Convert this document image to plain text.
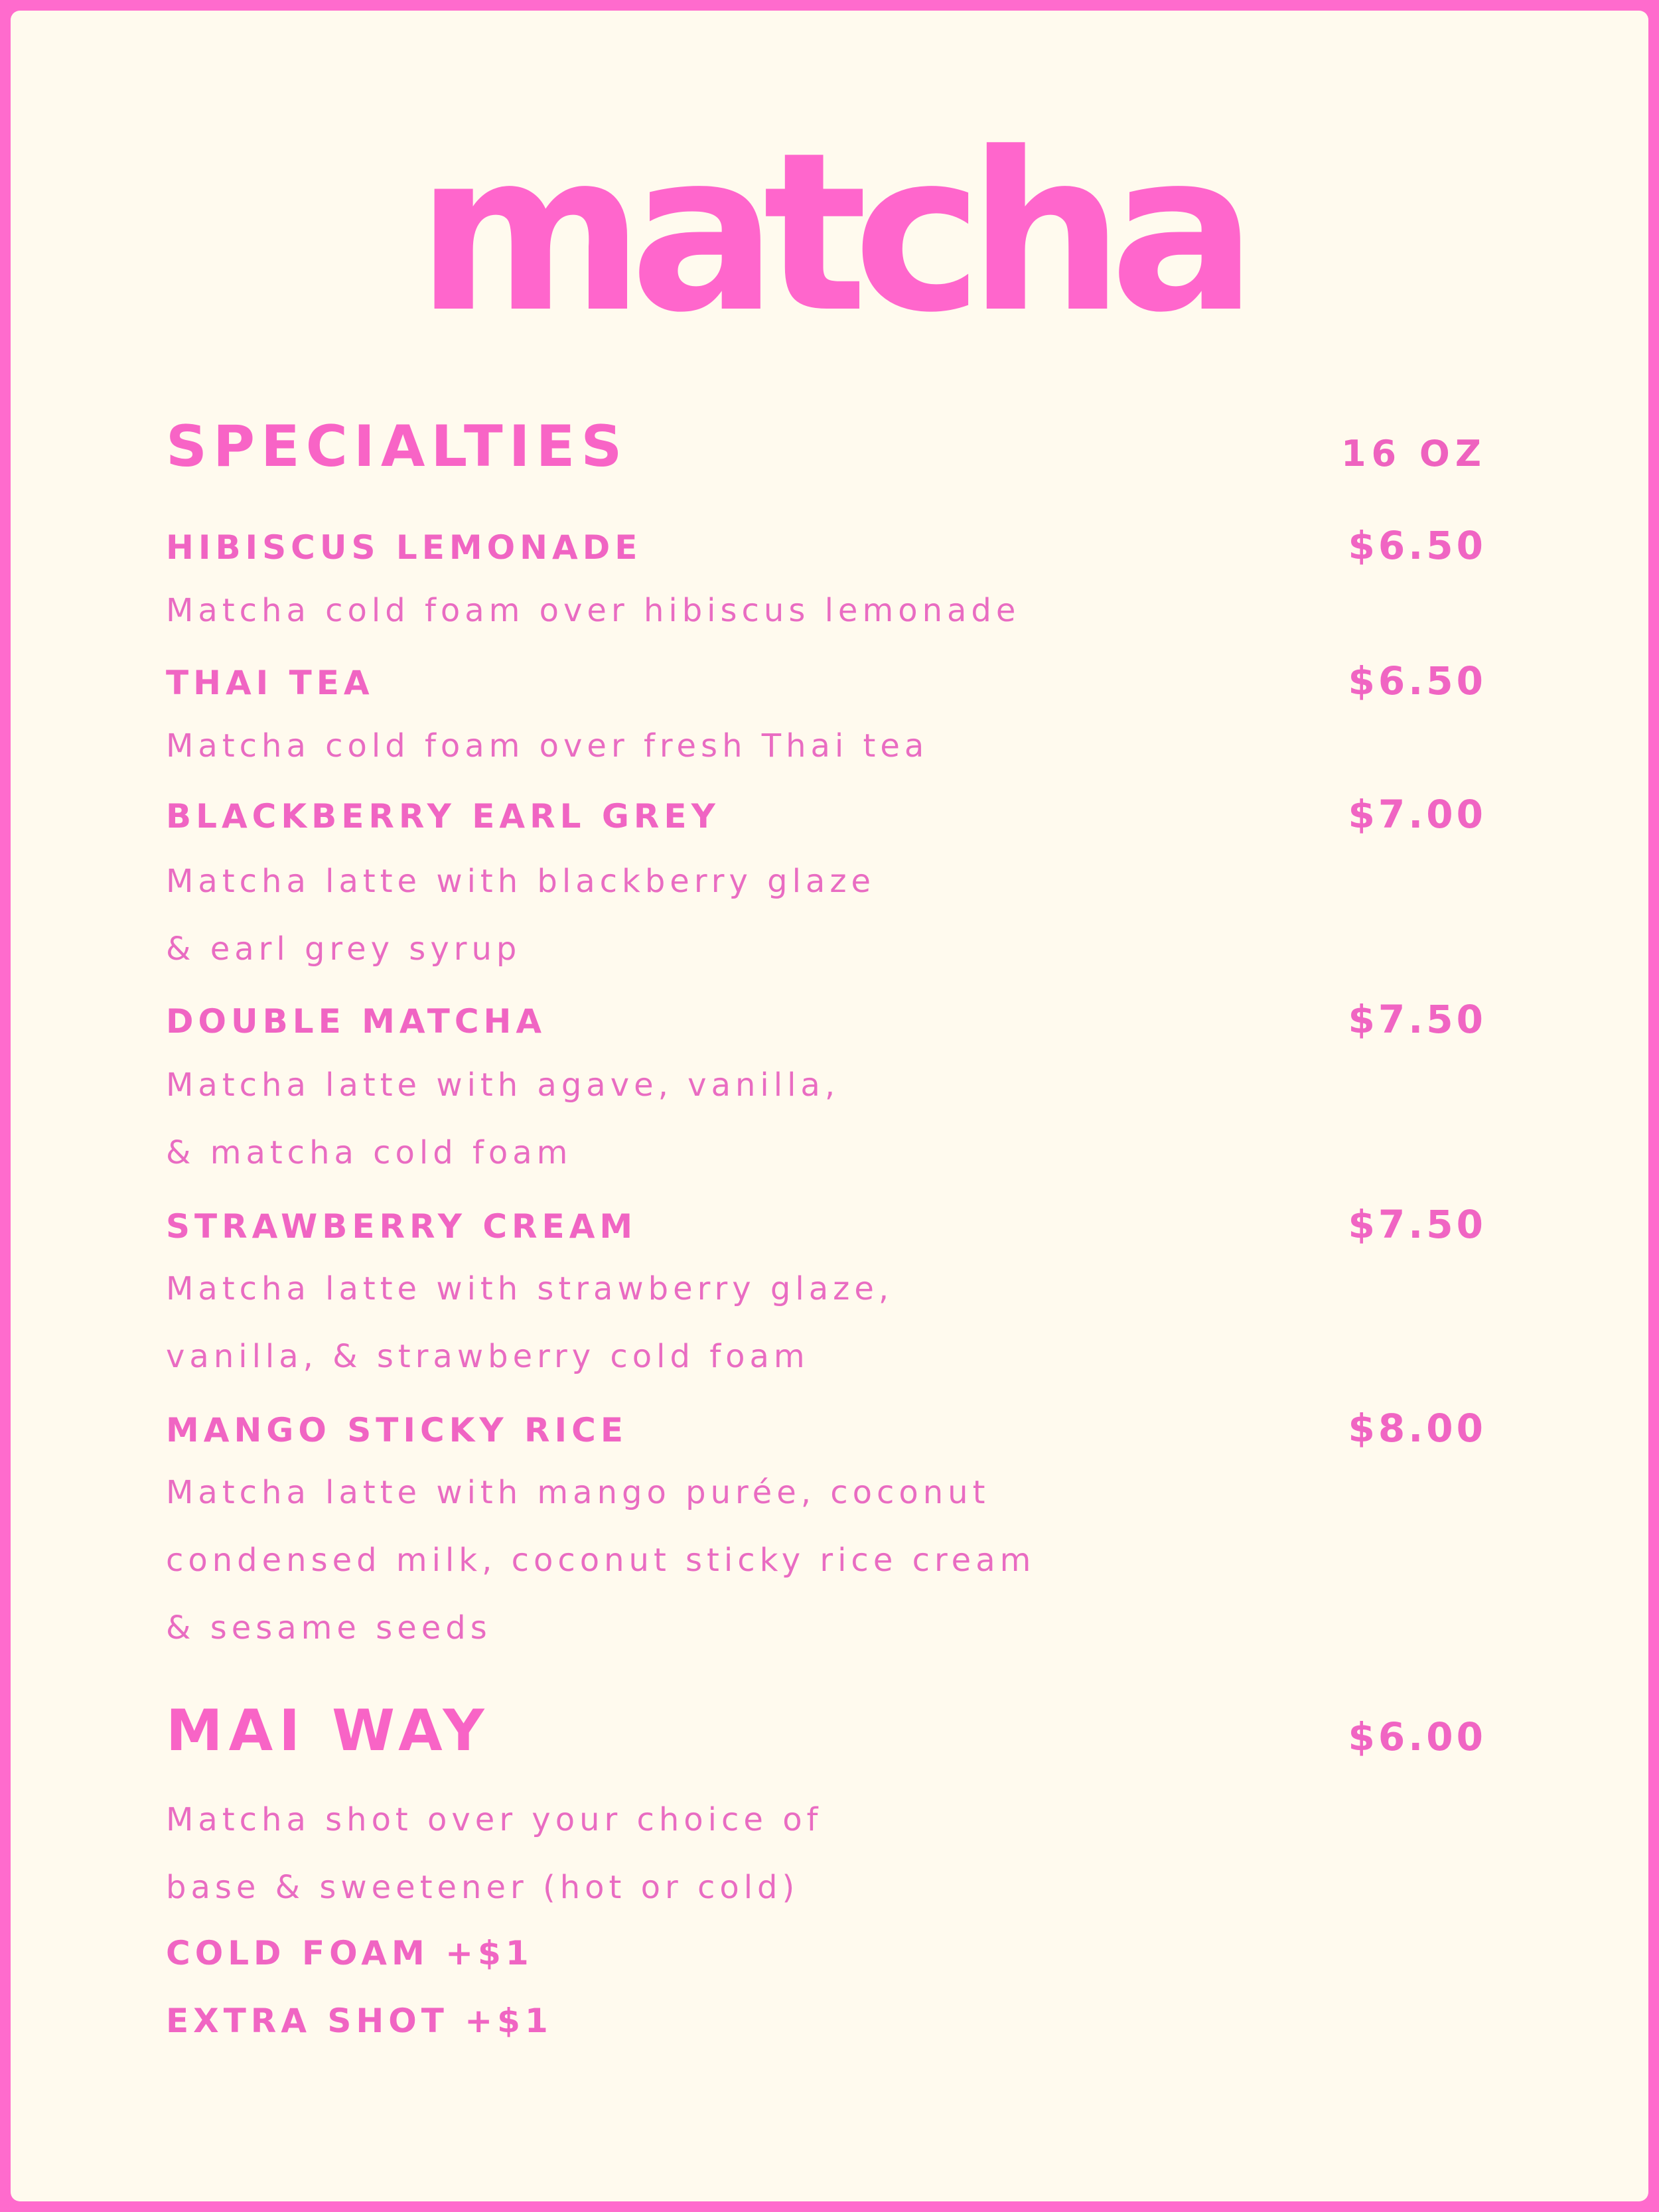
matcha
SPECIALTIES	16 OZ
HIBISCUS LEMONADE	$6.50
Matcha cold foam over hibiscus lemonade
THAI TEA	$6.50
Matcha cold foam over fresh Thai tea
BLACKBERRY EARL GREY	$7.00
Matcha latte with blackberry glaze
& earl grey syrup
DOUBLE MATCHA	$7.50
Matcha latte with agave, vanilla,
& matcha cold foam
STRAWBERRY CREAM	$7.50
Matcha latte with strawberry glaze,
vanilla, & strawberry cold foam
MANGO STICKY RICE	$8.00
Matcha latte with mango purée, coconut
condensed milk, coconut sticky rice cream
& sesame seeds
MAI WAY	$6.00
Matcha shot over your choice of
base & sweetener (hot or cold)
COLD FOAM +$1
EXTRA SHOT +$1
